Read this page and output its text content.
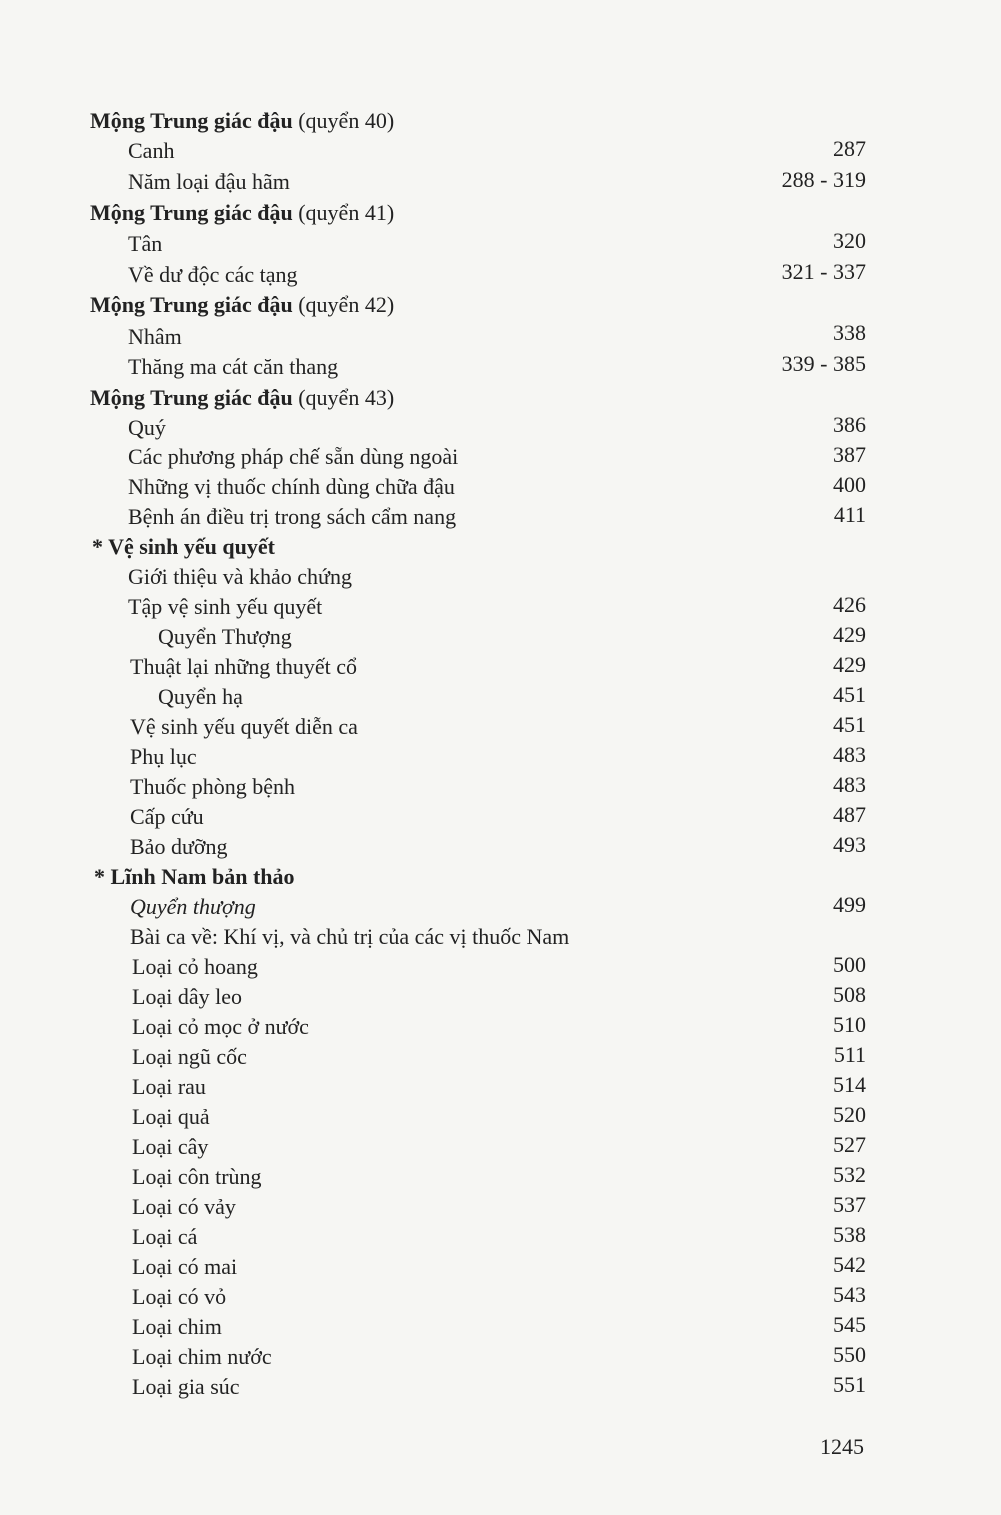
Mộng Trung giác đậu (quyển 40)
Canh
Năm loại đậu hãm
Mộng Trung giác đậu (quyển 41)
Tân
Về dư độc các tạng
Mộng Trung giác đậu (quyển 42)
Nhâm
Thăng ma cát căn thang
Mộng Trung giác đậu (quyển 43)
Quý
Các phương pháp chế sẵn dùng ngoài
Những vị thuốc chính dùng chữa đậu
Bệnh án điều trị trong sách cẩm nang
* Vệ sinh yếu quyết
Giới thiệu và khảo chứng
Tập vệ sinh yếu quyết
Quyển Thượng
Thuật lại những thuyết cổ
Quyển hạ
Vệ sinh yếu quyết diễn ca
Phụ lục
Thuốc phòng bệnh
Cấp cứu
Bảo dưỡng
* Lĩnh Nam bản thảo
Quyển thượng
Bài ca về: Khí vị, và chủ trị của các vị thuốc Nam
Loại cỏ hoang
Loại dây leo
Loại cỏ mọc ở nước
Loại ngũ cốc
Loại rau
Loại quả
Loại cây
Loại côn trùng
Loại có vảy
Loại cá
Loại có mai
Loại có vỏ
Loại chim
Loại chim nước
Loại gia súc
287
288 - 319
320
321 - 337
338
339 - 385
386
387
400
411
426
429
429
451
451
483
483
487
493
499
500
508
510
511
514
520
527
532
537
538
542
543
545
550
551
1245
